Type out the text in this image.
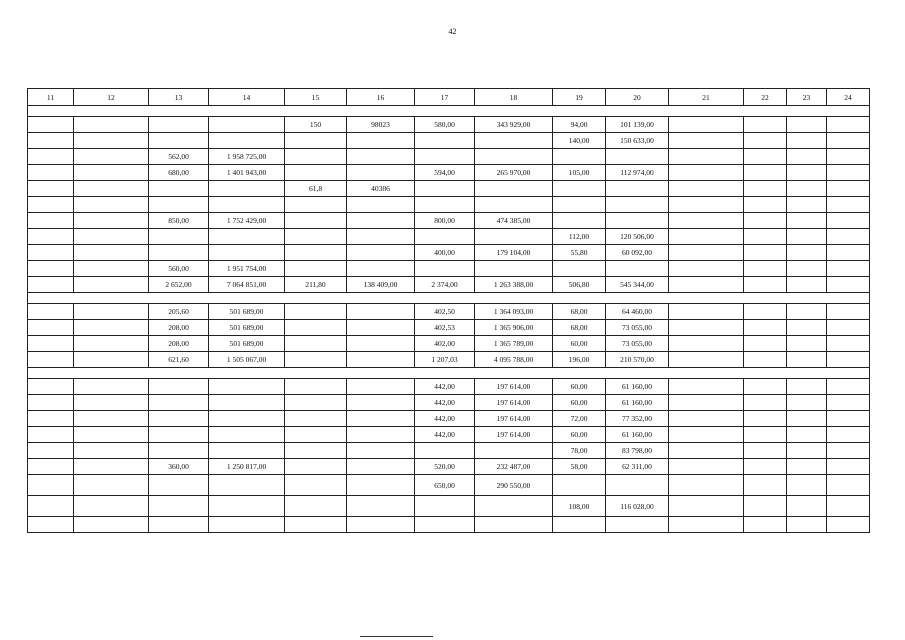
42
11	12	13	14	15	16	17	18	19	20	21	22	23	24

				150	98023	580,00	343 929,00	94,00	101 139,00				
								140,00	150 633,00				
		562,00	1 958 725,00										
		680,00	1 401 943,00			594,00	265 970,00	105,00	112 974,00				
				61,8	40386								

		850,00	1 752 429,00			800,00	474 385,00						
								112,00	120 506,00				
						400,00	179 104,00	55,80	60 092,00				
		560,00	1 951 754,00										
		2 652,00	7 064 851,00	211,80	138 409,00	2 374,00	1 263 388,00	506,80	545 344,00				

		205,60	501 689,00			402,50	1 364 093,00	68,00	64 460,00				
		208,00	501 689,00			402,53	1 365 906,00	68,00	73 055,00				
		208,00	501 689,00			402,00	1 365 789,00	60,00	73 055,00				
		621,60	1 505 067,00			1 207,03	4 095 788,00	196,00	210 570,00				

						442,00	197 614,00	60,00	61 160,00				
						442,00	197 614,00	60,00	61 160,00				
						442,00	197 614,00	72,00	77 352,00				
						442,00	197 614,00	60,00	61 160,00				
								78,00	83 798,00				
		360,00	1 250 817,00			520,00	232 487,00	58,00	62 311,00				
						650,00	290 550,00						
								108,00	116 028,00				
